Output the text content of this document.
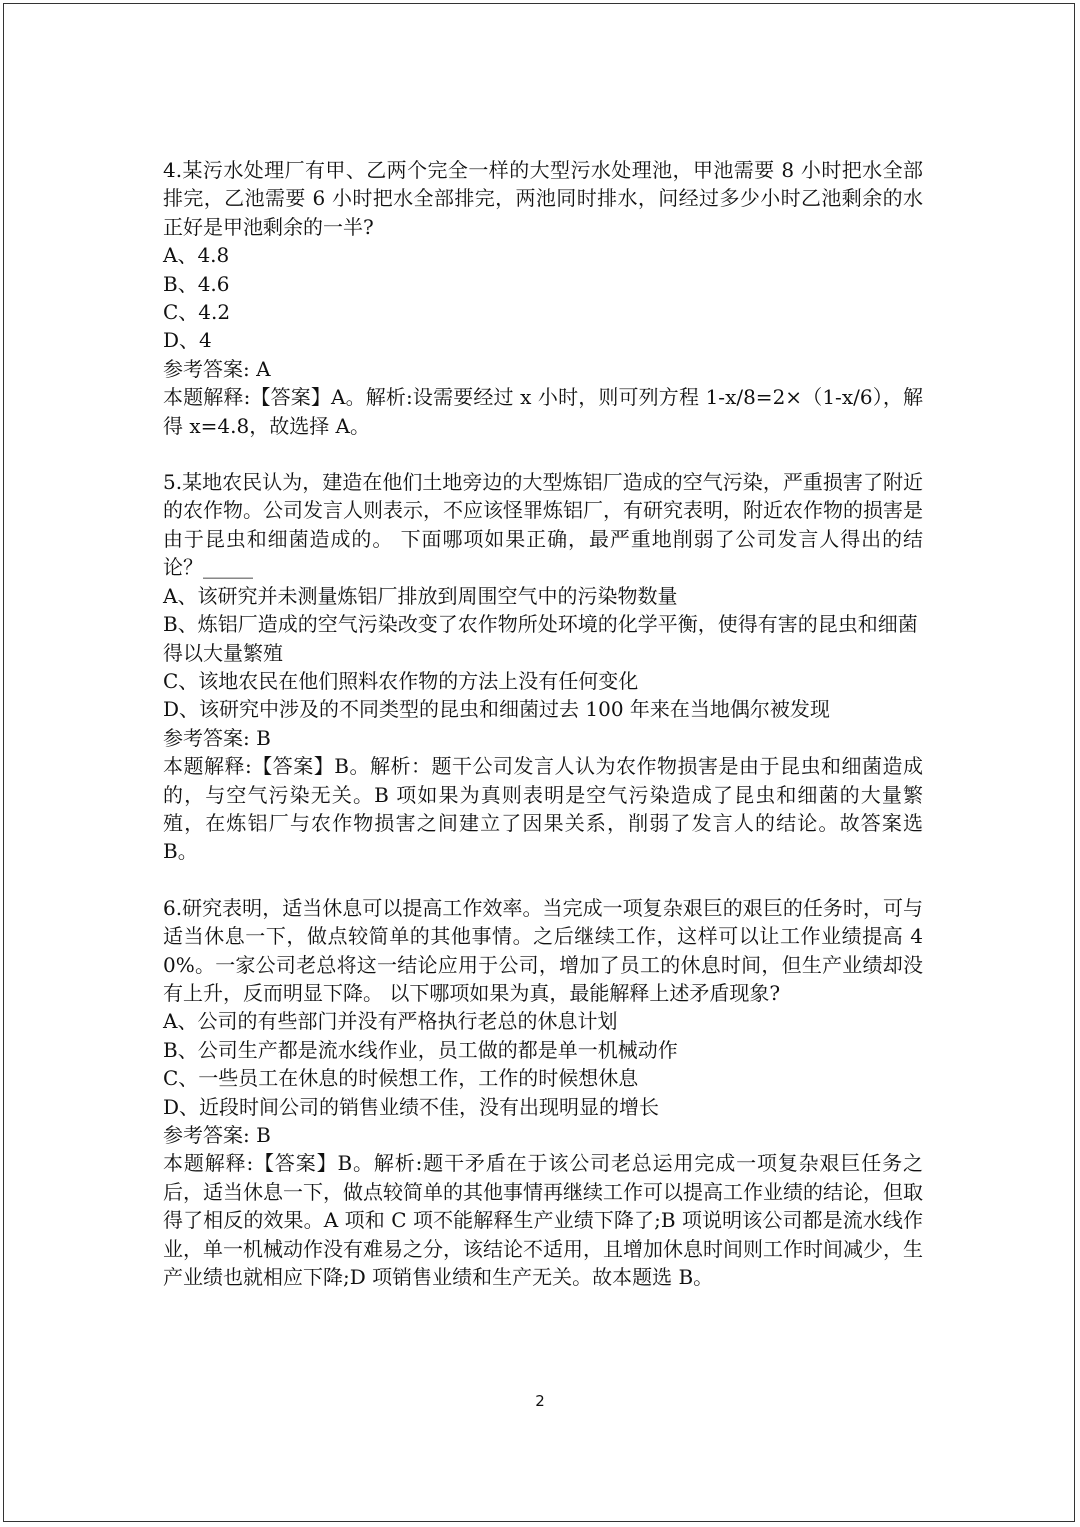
4.某污水处理厂有甲、乙两个完全一样的大型污水处理池，甲池需要 8 小时把水全部排完，乙池需要 6 小时把水全部排完，两池同时排水，问经过多少小时乙池剩余的水正好是甲池剩余的一半?

A、4.8

B、4.6

C、4.2

D、4

参考答案: A

本题解释:【答案】A。解析:设需要经过 x 小时，则可列方程 1-x/8=2×（1-x/6），解得 x=4.8，故选择 A。

5.某地农民认为，建造在他们土地旁边的大型炼铝厂造成的空气污染，严重损害了附近的农作物。公司发言人则表示，不应该怪罪炼铝厂，有研究表明，附近农作物的损害是由于昆虫和细菌造成的。 下面哪项如果正确，最严重地削弱了公司发言人得出的结论？_____

A、该研究并未测量炼铝厂排放到周围空气中的污染物数量

B、炼铝厂造成的空气污染改变了农作物所处环境的化学平衡，使得有害的昆虫和细菌得以大量繁殖

C、该地农民在他们照料农作物的方法上没有任何变化

D、该研究中涉及的不同类型的昆虫和细菌过去 100 年来在当地偶尔被发现

参考答案: B

本题解释:【答案】B。解析：题干公司发言人认为农作物损害是由于昆虫和细菌造成的，与空气污染无关。B 项如果为真则表明是空气污染造成了昆虫和细菌的大量繁殖，在炼铝厂与农作物损害之间建立了因果关系，削弱了发言人的结论。故答案选 B。

6.研究表明，适当休息可以提高工作效率。当完成一项复杂艰巨的艰巨的任务时，可与适当休息一下，做点较简单的其他事情。之后继续工作，这样可以让工作业绩提高 40%。一家公司老总将这一结论应用于公司，增加了员工的休息时间，但生产业绩却没有上升，反而明显下降。 以下哪项如果为真，最能解释上述矛盾现象?

A、公司的有些部门并没有严格执行老总的休息计划

B、公司生产都是流水线作业，员工做的都是单一机械动作

C、一些员工在休息的时候想工作，工作的时候想休息

D、近段时间公司的销售业绩不佳，没有出现明显的增长

参考答案: B

本题解释:【答案】B。解析:题干矛盾在于该公司老总运用完成一项复杂艰巨任务之后，适当休息一下，做点较简单的其他事情再继续工作可以提高工作业绩的结论，但取得了相反的效果。A 项和 C 项不能解释生产业绩下降了;B 项说明该公司都是流水线作业，单一机械动作没有难易之分，该结论不适用，且增加休息时间则工作时间减少，生产业绩也就相应下降;D 项销售业绩和生产无关。故本题选 B。

2
